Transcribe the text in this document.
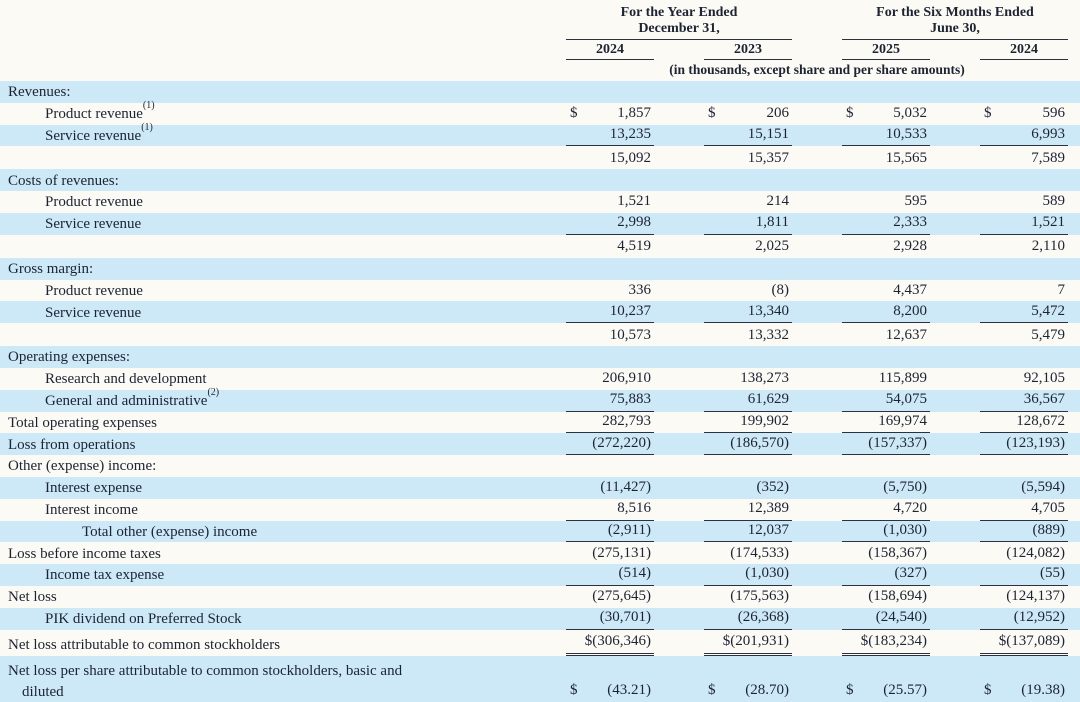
For the Year Ended
December 31,
For the Six Months Ended
June 30,
2024	2023	2025	2024
(in thousands, except share and per share amounts)
Revenues:
Product revenue$^{(1)}$	$	1,857	$	206	$	5,032	$	596
Service revenue$^{(1)}$	13,235	15,151	10,533	6,993
15,092	15,357	15,565	7,589
Costs of revenues:
Product revenue	1,521	214	595	589
Service revenue	2,998	1,811	2,333	1,521
4,519	2,025	2,928	2,110
Gross margin:
Product revenue	336	(8)	4,437	7
Service revenue	10,237	13,340	8,200	5,472
10,573	13,332	12,637	5,479
Operating expenses:
Research and development	206,910	138,273	115,899	92,105
General and administrative$^{(2)}$	75,883	61,629	54,075	36,567
Total operating expenses	282,793	199,902	169,974	128,672
Loss from operations	(272,220)	(186,570)	(157,337)	(123,193)
Other (expense) income:
Interest expense	(11,427)	(352)	(5,750)	(5,594)
Interest income	8,516	12,389	4,720	4,705
Total other (expense) income	(2,911)	12,037	(1,030)	(889)
Loss before income taxes	(275,131)	(174,533)	(158,367)	(124,082)
Income tax expense	(514)	(1,030)	(327)	(55)
Net loss	(275,645)	(175,563)	(158,694)	(124,137)
PIK dividend on Preferred Stock	(30,701)	(26,368)	(24,540)	(12,952)
Net loss attributable to common stockholders	$(306,346)	$(201,931)	$(183,234)	$(137,089)
Net loss per share attributable to common stockholders, basic and
diluted	$ (43.21)	$ (28.70)	$ (25.57)	$ (19.38)
